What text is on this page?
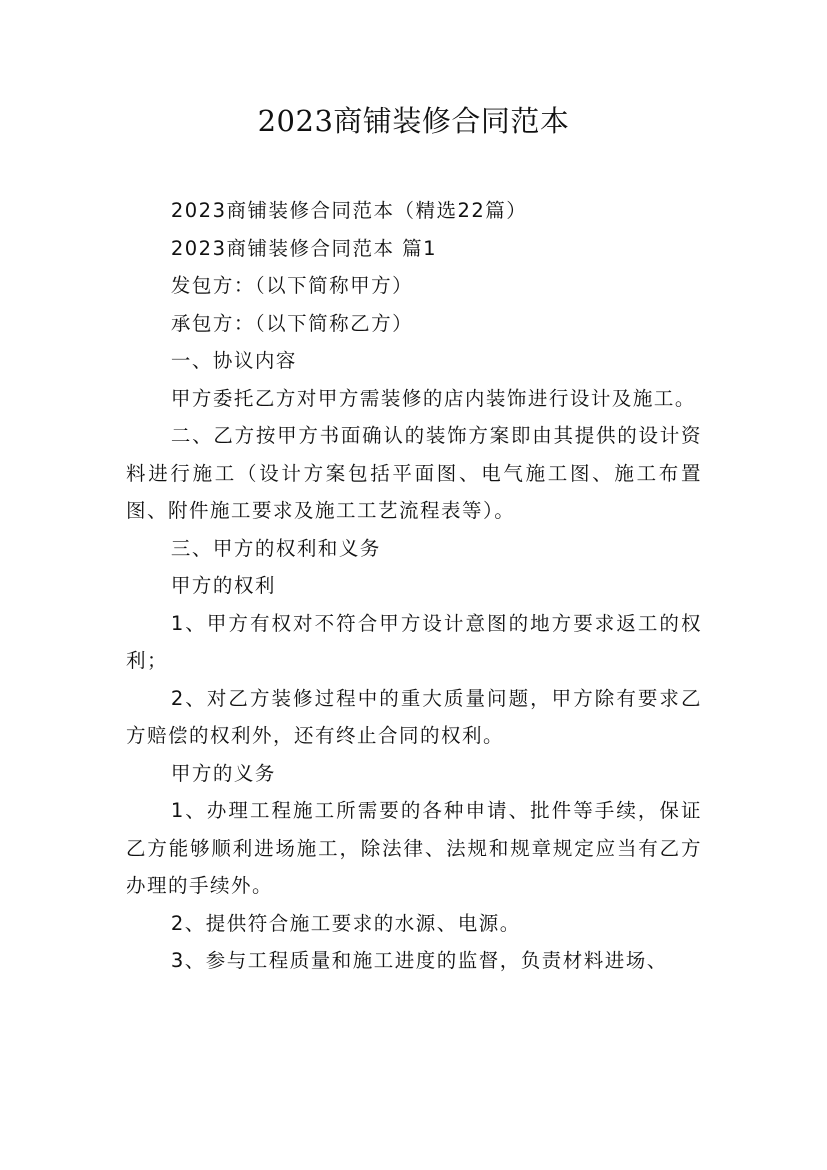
2023商铺装修合同范本

2023商铺装修合同范本（精选22篇）

2023商铺装修合同范本 篇1

发包方：（以下简称甲方）

承包方：（以下简称乙方）

一、协议内容

甲方委托乙方对甲方需装修的店内装饰进行设计及施工。

二、乙方按甲方书面确认的装饰方案即由其提供的设计资料进行施工（设计方案包括平面图、电气施工图、施工布置图、附件施工要求及施工工艺流程表等）。

三、甲方的权利和义务

甲方的权利

1、甲方有权对不符合甲方设计意图的地方要求返工的权利；

2、对乙方装修过程中的重大质量问题，甲方除有要求乙方赔偿的权利外，还有终止合同的权利。

甲方的义务

1、办理工程施工所需要的各种申请、批件等手续，保证乙方能够顺利进场施工，除法律、法规和规章规定应当有乙方办理的手续外。

2、提供符合施工要求的水源、电源。

3、参与工程质量和施工进度的监督，负责材料进场、
